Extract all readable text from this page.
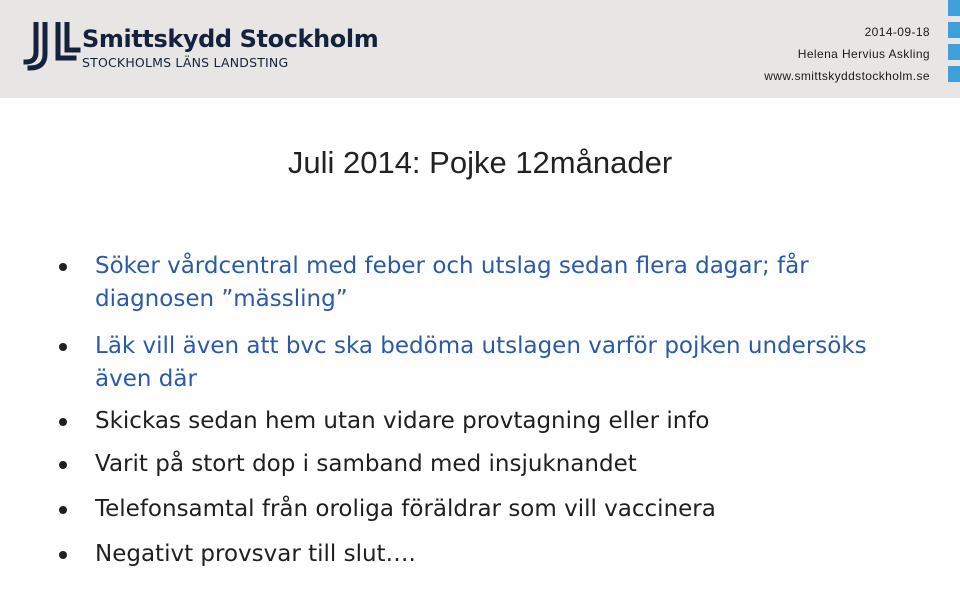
Smittskydd Stockholm
STOCKHOLMS LÄNS LANDSTING
2014-09-18
Helena Hervius Askling
www.smittskyddstockholm.se
Juli 2014: Pojke 12månader
Söker vårdcentral med feber och utslag sedan flera dagar; får diagnosen ”mässling”
Läk vill även att bvc ska bedöma utslagen varför pojken undersöks även där
Skickas sedan hem utan vidare provtagning eller info
Varit på stort dop i samband med insjuknandet
Telefonsamtal från oroliga föräldrar som vill vaccinera
Negativt provsvar till slut….
